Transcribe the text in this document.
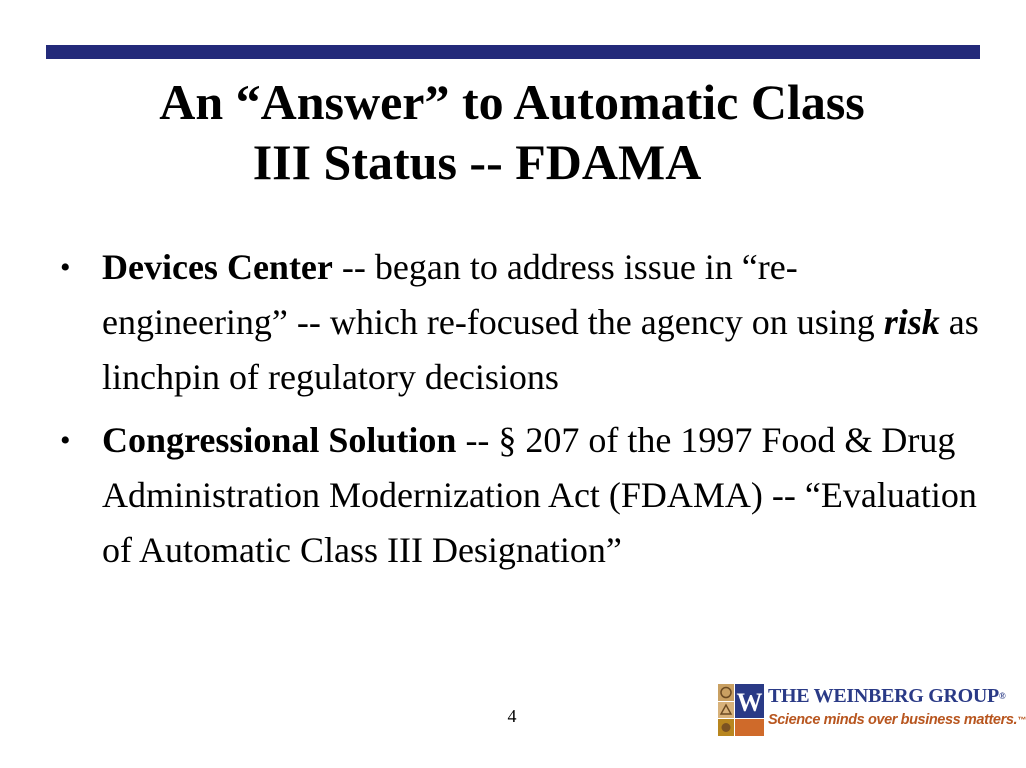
An “Answer” to Automatic Class
III Status -- FDAMA
• Devices Center -- began to address issue in “re-engineering” -- which re-focused the agency on using risk as linchpin of regulatory decisions
• Congressional Solution -- § 207 of the 1997 Food & Drug Administration Modernization Act (FDAMA) -- “Evaluation of Automatic Class III Designation”
4	W THE WEINBERG GROUP®
Science minds over business matters.™
